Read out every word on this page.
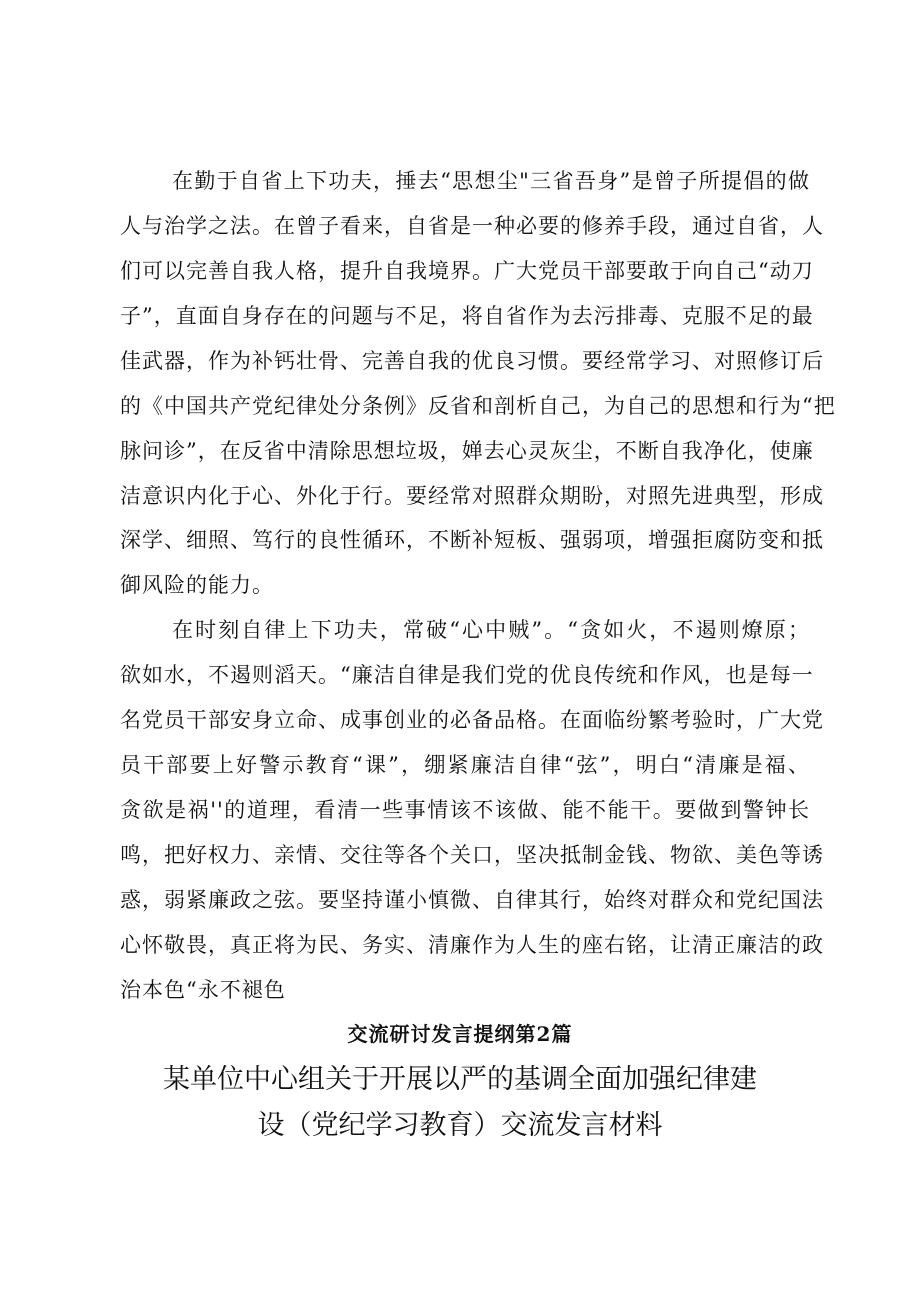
在勤于自省上下功夫，捶去“思想尘"三省吾身”是曾子所提倡的做
人与治学之法。在曾子看来，自省是一种必要的修养手段，通过自省，人
们可以完善自我人格，提升自我境界。广大党员干部要敢于向自己“动刀
子”，直面自身存在的问题与不足，将自省作为去污排毒、克服不足的最
佳武器，作为补钙壮骨、完善自我的优良习惯。要经常学习、对照修订后
的《中国共产党纪律处分条例》反省和剖析自己，为自己的思想和行为“把
脉问诊”，在反省中清除思想垃圾，婵去心灵灰尘，不断自我净化，使廉
洁意识内化于心、外化于行。要经常对照群众期盼，对照先进典型，形成
深学、细照、笃行的良性循环，不断补短板、强弱项，增强拒腐防变和抵
御风险的能力。
在时刻自律上下功夫，常破“心中贼”。“贪如火，不遏则燎原；
欲如水，不遏则滔天。“廉洁自律是我们党的优良传统和作风，也是每一
名党员干部安身立命、成事创业的必备品格。在面临纷繁考验时，广大党
员干部要上好警示教育“课”，绷紧廉洁自律“弦”，明白“清廉是福、
贪欲是祸''的道理，看清一些事情该不该做、能不能干。要做到警钟长
鸣，把好权力、亲情、交往等各个关口，坚决抵制金钱、物欲、美色等诱
惑，弱紧廉政之弦。要坚持谨小慎微、自律其行，始终对群众和党纪国法
心怀敬畏，真正将为民、务实、清廉作为人生的座右铭，让清正廉洁的政
交流研讨发言提纲第2篇
某单位中心组关于开展以严的基调全面加强纪律建
设（党纪学习教育）交流发言材料
治本色“永不褪色
